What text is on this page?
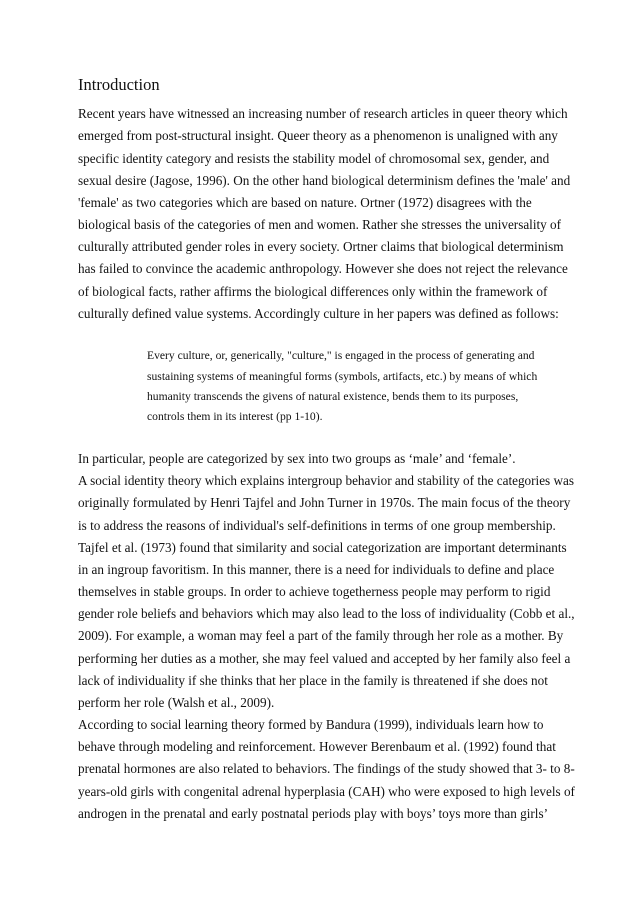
Introduction
Recent years have witnessed an increasing number of research articles in queer theory which
emerged from post-structural insight. Queer theory as a phenomenon is unaligned with any
specific identity category and resists the stability model of chromosomal sex, gender, and
sexual desire (Jagose, 1996). On the other hand biological determinism defines the 'male' and
'female' as two categories which are based on nature. Ortner (1972) disagrees with the
biological basis of the categories of men and women. Rather she stresses the universality of
culturally attributed gender roles in every society. Ortner claims that biological determinism
has failed to convince the academic anthropology. However she does not reject the relevance
of biological facts, rather affirms the biological differences only within the framework of
culturally defined value systems. Accordingly culture in her papers was defined as follows:
Every culture, or, generically, "culture," is engaged in the process of generating and
sustaining systems of meaningful forms (symbols, artifacts, etc.) by means of which
humanity transcends the givens of natural existence, bends them to its purposes,
controls them in its interest (pp 1-10).
In particular, people are categorized by sex into two groups as ‘male’ and ‘female’.
A social identity theory which explains intergroup behavior and stability of the categories was
originally formulated by Henri Tajfel and John Turner in 1970s. The main focus of the theory
is to address the reasons of individual's self-definitions in terms of one group membership.
Tajfel et al. (1973) found that similarity and social categorization are important determinants
in an ingroup favoritism. In this manner, there is a need for individuals to define and place
themselves in stable groups. In order to achieve togetherness people may perform to rigid
gender role beliefs and behaviors which may also lead to the loss of individuality (Cobb et al.,
2009). For example, a woman may feel a part of the family through her role as a mother. By
performing her duties as a mother, she may feel valued and accepted by her family also feel a
lack of individuality if she thinks that her place in the family is threatened if she does not
perform her role (Walsh et al., 2009).
According to social learning theory formed by Bandura (1999), individuals learn how to
behave through modeling and reinforcement. However Berenbaum et al. (1992) found that
prenatal hormones are also related to behaviors. The findings of the study showed that 3- to 8-
years-old girls with congenital adrenal hyperplasia (CAH) who were exposed to high levels of
androgen in the prenatal and early postnatal periods play with boys’ toys more than girls’
